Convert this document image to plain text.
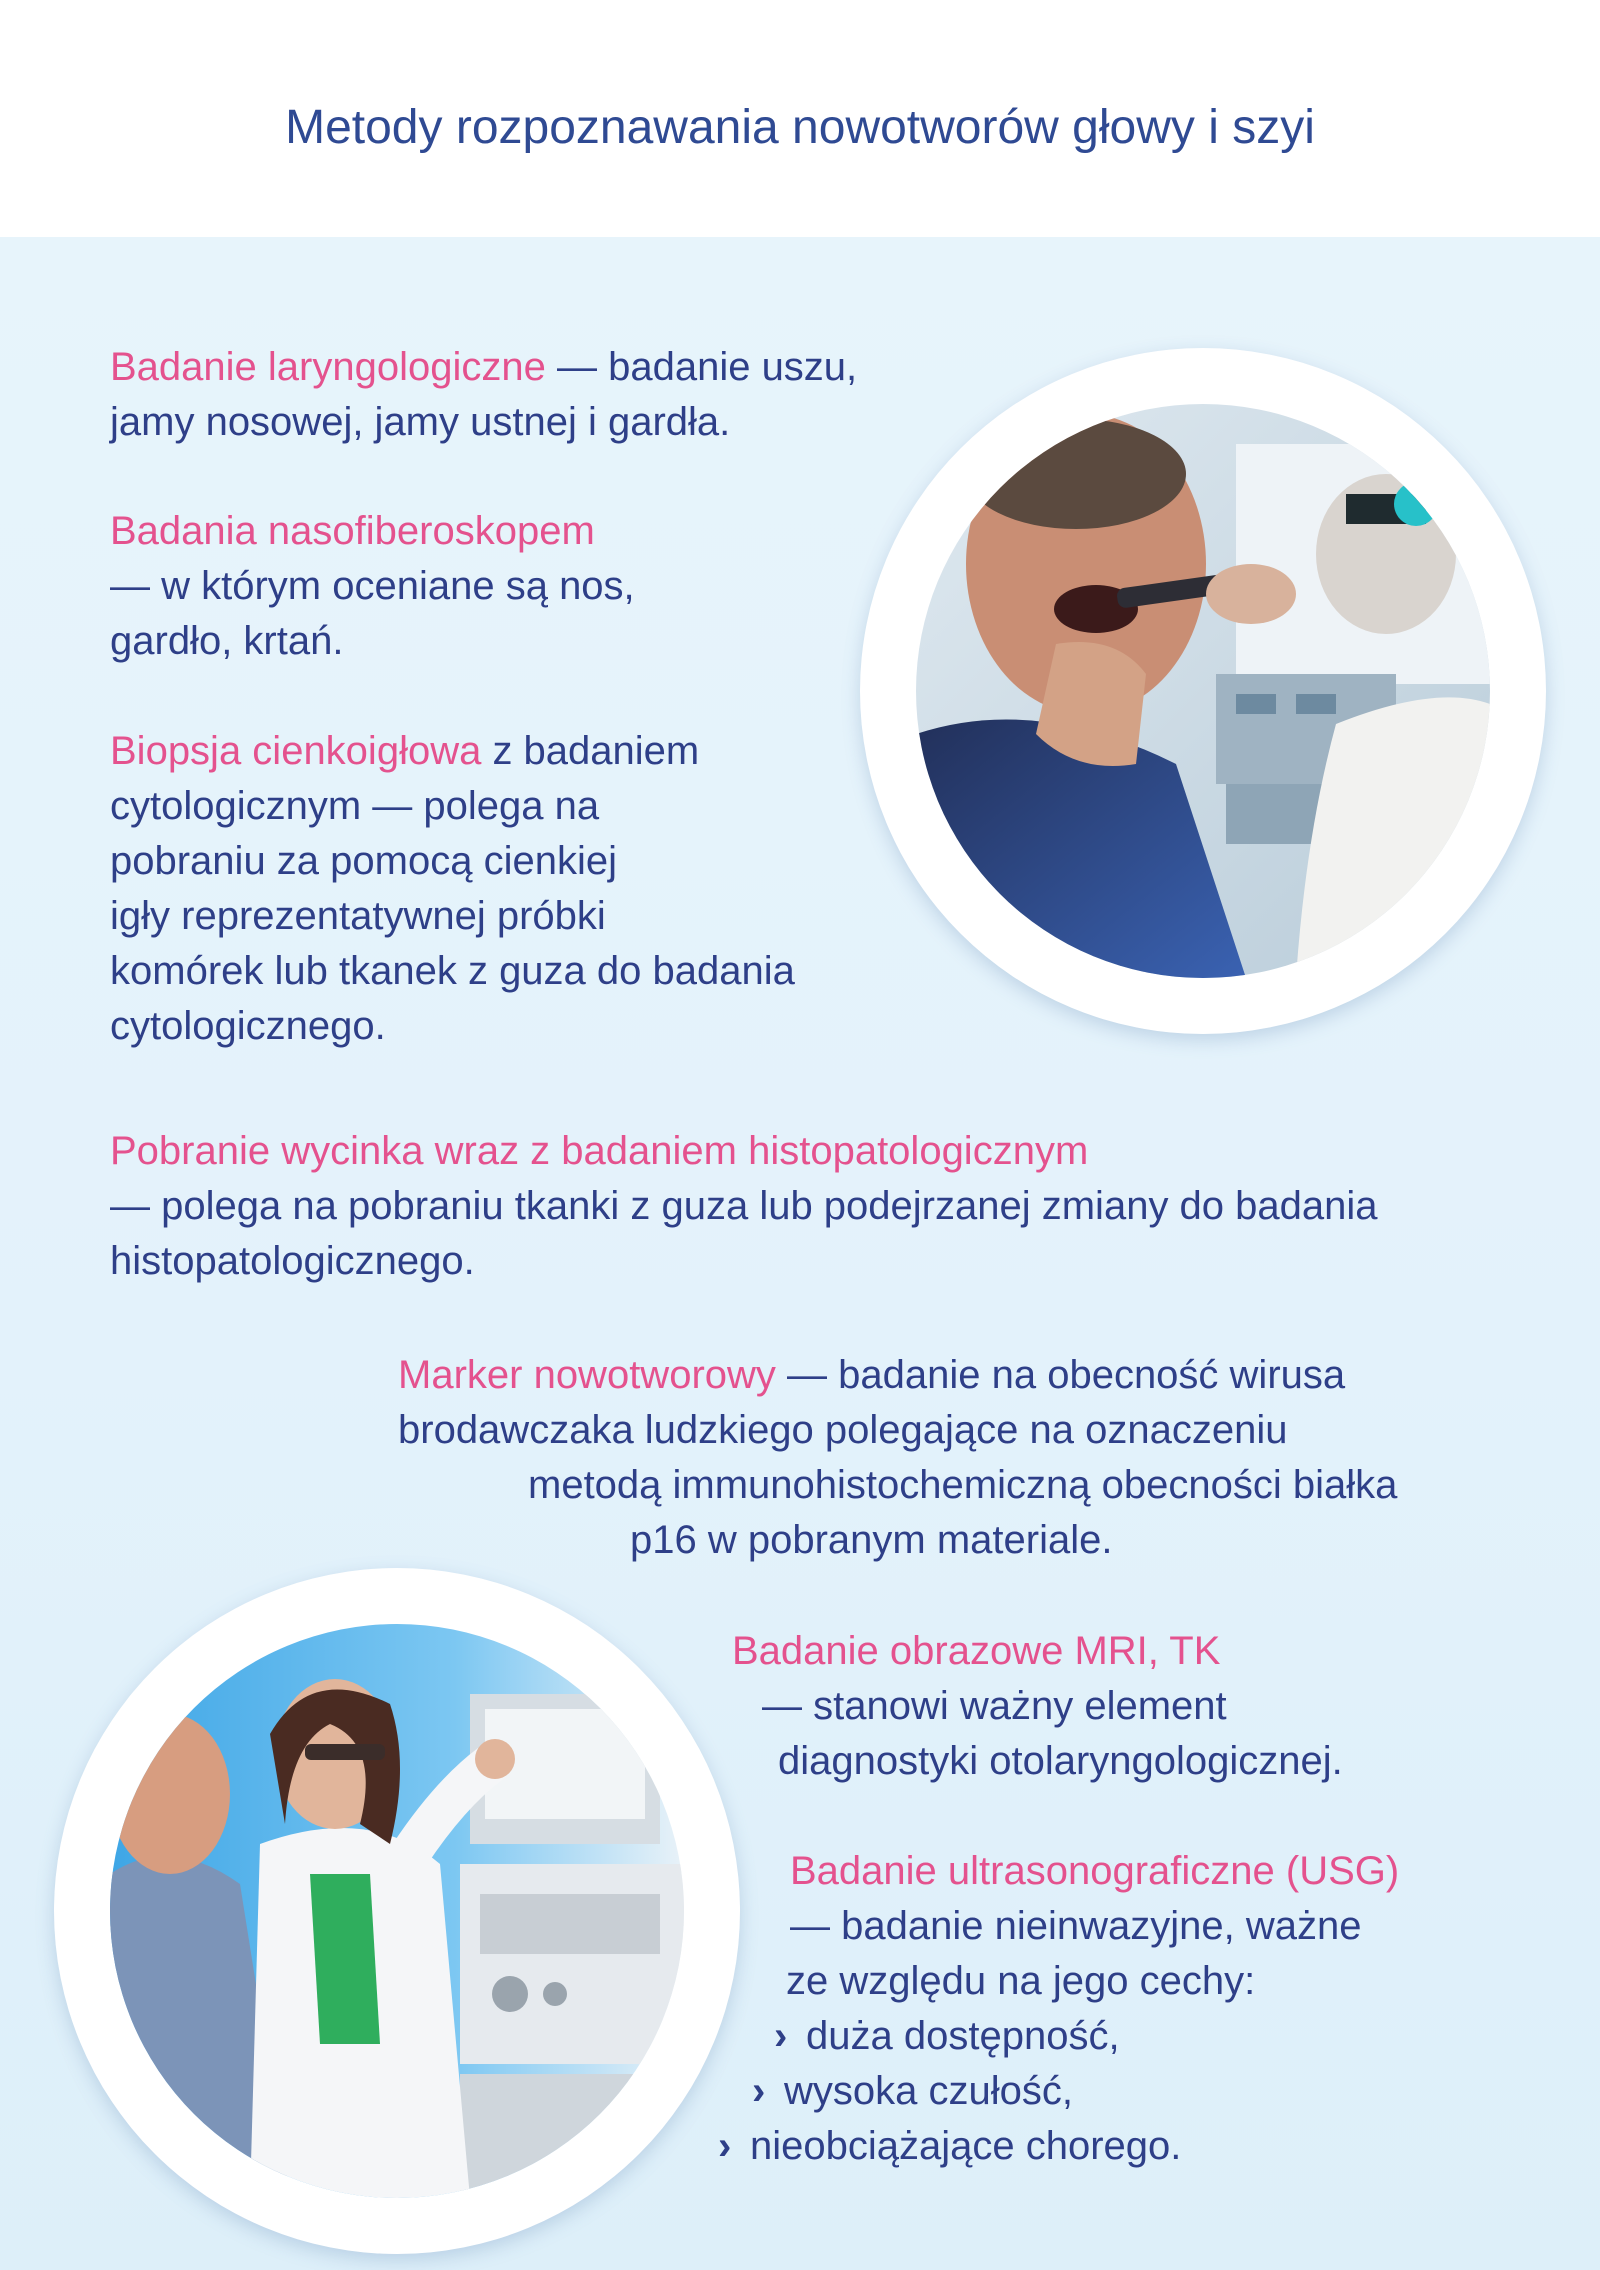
Metody rozpoznawania nowotworów głowy i szyi
Badanie laryngologiczne — badanie uszu,
jamy nosowej, jamy ustnej i gardła.
Badania nasofiberoskopem
— w którym oceniane są nos,
gardło, krtań.
Biopsja cienkoigłowa z badaniem
cytologicznym — polega na
pobraniu za pomocą cienkiej
igły reprezentatywnej próbki
komórek lub tkanek z guza do badania
cytologicznego.
Pobranie wycinka wraz z badaniem histopatologicznym
— polega na pobraniu tkanki z guza lub podejrzanej zmiany do badania
histopatologicznego.
Marker nowotworowy — badanie na obecność wirusa
brodawczaka ludzkiego polegające na oznaczeniu
metodą immunohistochemiczną obecności białka
p16 w pobranym materiale.
Badanie obrazowe MRI, TK
— stanowi ważny element
diagnostyki otolaryngologicznej.
Badanie ultrasonograficzne (USG)
— badanie nieinwazyjne, ważne
ze względu na jego cechy:
› duża dostępność,
› wysoka czułość,
› nieobciążające chorego.
